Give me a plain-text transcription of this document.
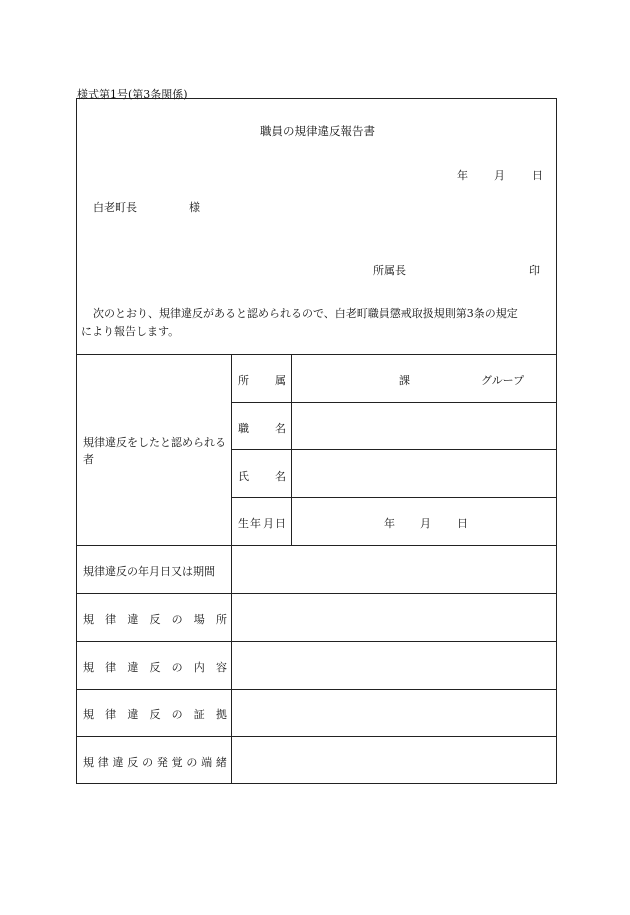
様式第1号(第3条関係)
職員の規律違反報告書
年 月 日
白老町長	様
所属長	印
次のとおり、規律違反があると認められるので、白老町職員懲戒取扱規則第3条の規定
により報告します。
規律違反をしたと認められる者
所 属	課	グループ
職 名
氏 名
生 年 月 日	年 月 日
規律違反の年月日又は期間
規 律 違 反 の 場 所
規 律 違 反 の 内 容
規 律 違 反 の 証 拠
規 律 違 反 の 発 覚 の 端 緒
